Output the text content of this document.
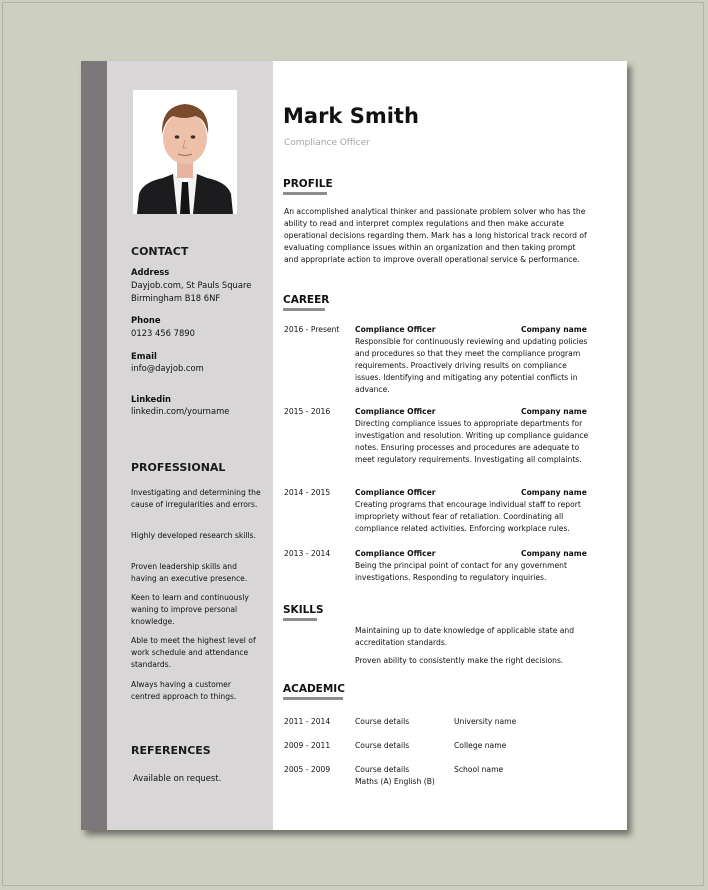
CONTACT
Address
Dayjob.com, St Pauls Square
Birmingham B18 6NF
Phone
0123 456 7890
Email
info@dayjob.com
Linkedin
linkedin.com/yourname
PROFESSIONAL
Investigating and determining the cause of irregularities and errors.
Highly developed research skills.
Proven leadership skills and having an executive presence.
Keen to learn and continuously waning to improve personal knowledge.
Able to meet the highest level of work schedule and attendance standards.
Always having a customer centred approach to things.
REFERENCES
Available on request.
Mark Smith
Compliance Officer
PROFILE
An accomplished analytical thinker and passionate problem solver who has the ability to read and interpret complex regulations and then make accurate operational decisions regarding them. Mark has a long historical track record of evaluating compliance issues within an organization and then taking prompt and appropriate action to improve overall operational service & performance.
CAREER
2016 - Present Compliance Officer	Company name
Responsible for continuously reviewing and updating policies and procedures so that they meet the compliance program requirements. Proactively driving results on compliance issues. Identifying and mitigating any potential conflicts in advance.
2015 - 2016	Compliance Officer	Company name
Directing compliance issues to appropriate departments for investigation and resolution. Writing up compliance guidance notes. Ensuring processes and procedures are adequate to meet regulatory requirements. Investigating all complaints.
2014 - 2015	Compliance Officer	Company name
Creating programs that encourage individual staff to report impropriety without fear of retaliation. Coordinating all compliance related activities. Enforcing workplace rules.
2013 - 2014	Compliance Officer	Company name
Being the principal point of contact for any government investigations. Responding to regulatory inquiries.
SKILLS
Maintaining up to date knowledge of applicable state and accreditation standards.
Proven ability to consistently make the right decisions.
ACADEMIC
2011 - 2014	Course details	University name
2009 - 2011	Course details	College name
2005 - 2009	Course details	School name
Maths (A) English (B)
